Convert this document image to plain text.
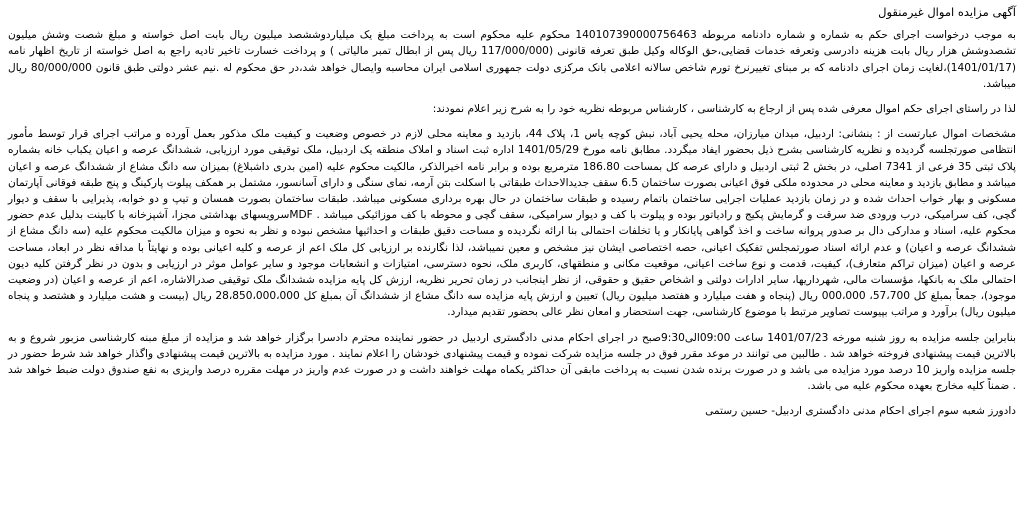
آگهی مزایده اموال غیرمنقول

به موجب درخواست اجرای حکم به شماره و شماره دادنامه مربوطه 140107390000756463 محکوم علیه محکوم است به پرداخت مبلغ یک میلیاردوششصد میلیون ریال بابت اصل خواسته و مبلغ شصت وشش میلیون تشصدوشش هزار ریال بابت هزینه دادرسی وتعرفه خدمات قضایی،حق الوکاله وکیل طبق تعرفه قانونی (117/000/000 ریال پس از ابطال تمبر مالیاتی ) و پرداخت خسارت تاخیر تادیه راجع به اصل خواسته از تاریخ اظهار نامه (1401/01/17)،لغایت زمان اجرای دادنامه که بر مبنای تغییرنرخ تورم شاخص سالانه اعلامی بانک مرکزی دولت جمهوری اسلامی ایران محاسبه وایصال خواهد شد،در حق محکوم له .نیم عشر دولتی طبق قانون 80/000/000 ریال میباشد.

لذا در راستای اجرای حکم اموال معرفی شده پس از ارجاع به کارشناسی ، کارشناس مربوطه نظریه خود را به شرح زیر اعلام نمودند:

مشخصات اموال عبارتست از : بنشانی: اردبیل، میدان میارزان، محله یحیی آباد، نبش کوچه یاس 1، پلاک 44، بازدید و معاینه محلی لازم در خصوص وضعیت و کیفیت ملک مذکور بعمل آورده و مراتب اجرای قرار توسط مأمور انتظامی صورتجلسه گردیده و نظریه کارشناسی بشرح ذیل بحضور ایفاد میگردد. مطابق نامه مورخ 1401/05/29 اداره ثبت اسناد و املاک منطقه یک اردبیل، ملک توقیفی مورد ارزیابی، ششدانگ عرصه و اعیان یکباب خانه بشماره پلاک ثبتی 35 فرعی از 7341 اصلی، در بخش 2 ثبتی اردبیل و دارای عرصه کل بمساحت 186.80 مترمربع بوده و برابر نامه اخیرالذکر، مالکیت محکوم علیه (امین بدری داشبلاغ) بمیزان سه دانگ مشاع از ششدانگ عرصه و اعیان میباشد و مطابق بازدید و معاینه محلی در محدوده ملکی فوق اعیانی بصورت ساختمان 6.5 سقف جدیدالاحداث طبقاتی با اسکلت بتن آرمه، نمای سنگی و دارای آسانسور، مشتمل بر همکف پیلوت پارکینگ و پنج طبقه فوقانی آپارتمان مسکونی و بهار خواب احداث شده و در زمان بازدید عملیات اجرایی ساختمان باتمام رسیده و طبقات ساختمان در حال بهره برداری مسکونی میباشد. طبقات ساختمان بصورت همسان و تیپ و دو خوابه، پذیرایی با سقف و دیوار گچی، کف سرامیکی، درب ورودی ضد سرقت و گرمایش پکیج و رادیاتور بوده و پیلوت با کف و دیوار سرامیکی، سقف گچی و محوطه با کف موزائیکی میباشد . MDFسرویسهای بهداشتی مجزا، آشپزخانه با کابینت بدلیل عدم حضور محکوم علیه، اسناد و مدارکی دال بر صدور پروانه ساخت و اخذ گواهی پایانکار و یا تخلفات احتمالی بنا ارائه نگردیده و مساحت دقیق طبقات و احداثیها مشخص نبوده و نظر به نحوه و میزان مالکیت محکوم علیه (سه دانگ مشاع از ششدانگ عرصه و اعیان) و عدم ارائه اسناد صورتمجلس تفکیک اعیانی، حصه اختصاصی ایشان نیز مشخص و معین نمیباشد، لذا نگارنده بر ارزیابی کل ملک اعم از عرصه و کلیه اعیانی بوده و نهایتاً با مداقه نظر در ابعاد، مساحت عرصه و اعیان (میزان تراکم متعارف)، کیفیت، قدمت و نوع ساخت اعیانی، موقعیت مکانی و منطقهای، کاربری ملک، نحوه دسترسی، امتیازات و انشعابات موجود و سایر عوامل موثر در ارزیابی و بدون در نظر گرفتن کلیه دیون احتمالی ملک به بانکها، مؤسسات مالی، شهرداریها، سایر ادارات دولتی و اشخاص حقیق و حقوقی، از نظر اینجانب در زمان تحریر نظریه، ارزش کل پایه مزایده ششدانگ ملک توقیفی صدرالاشاره، اعم از عرصه و اعیان (در وضعیت موجود)، جمعاً بمبلغ کل 57،700، 000،000 ریال (پنجاه و هفت میلیارد و هفتصد میلیون ریال) تعیین و ارزش پایه مزایده سه دانگ مشاع از ششدانگ آن بمبلغ کل 28،850،000،000 ریال (بیست و هشت میلیارد و هشتصد و پنجاه میلیون ریال) برآورد و مراتب بپیوست تصاویر مرتبط با موضوع کارشناسی، جهت استحضار و امعان نظر عالی بحضور تقدیم میدارد.

بنابراین جلسه مزایده به روز شنبه مورخه 1401/07/23 ساعت 09:00الی9:30صبح در اجرای احکام مدنی دادگستری اردبیل در حضور نماینده محترم دادسرا برگزار خواهد شد و مزایده از مبلغ مبنه کارشناسی مزبور شروع و به بالاترین قیمت پیشنهادی فروخته خواهد شد . طالبین می توانند در موعد مقرر فوق در جلسه مزایده شرکت نموده و قیمت پیشنهادی خودشان را اعلام نمایند . مورد مزایده به بالاترین قیمت پیشنهادی واگذار خواهد شد شرط حضور در جلسه مزایده واریز 10 درصد مورد مزایده می باشد و در صورت برنده شدن نسبت به پرداخت مابقی آن حداکثر یکماه مهلت خواهند داشت و در صورت عدم واریز در مهلت مقرره درصد واریزی به نفع صندوق دولت ضبط خواهد شد . ضمناً کلیه مخارج بعهده محکوم علیه می باشد.

دادورز شعبه سوم اجرای احکام مدنی دادگستری اردبیل- حسین رستمی
